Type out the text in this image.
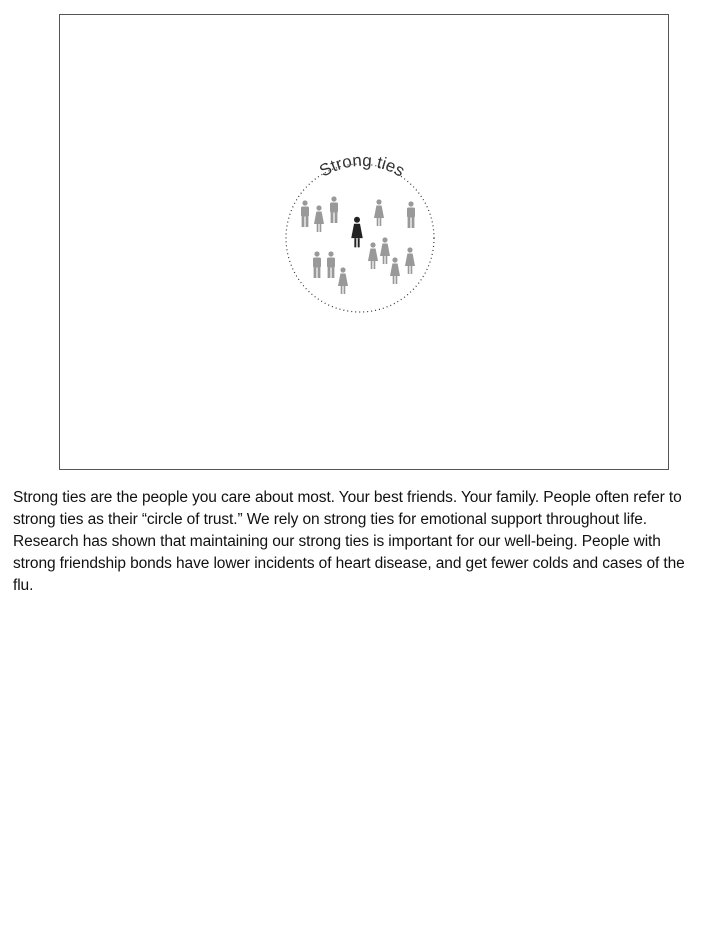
Strong ties

Strong ties are the people you care about most. Your best friends. Your family. People often refer to strong ties as their “circle of trust.” We rely on strong ties for emotional support throughout life. Research has shown that maintaining our strong ties is important for our well-being. People with strong friendship bonds have lower incidents of heart disease, and get fewer colds and cases of the flu.
